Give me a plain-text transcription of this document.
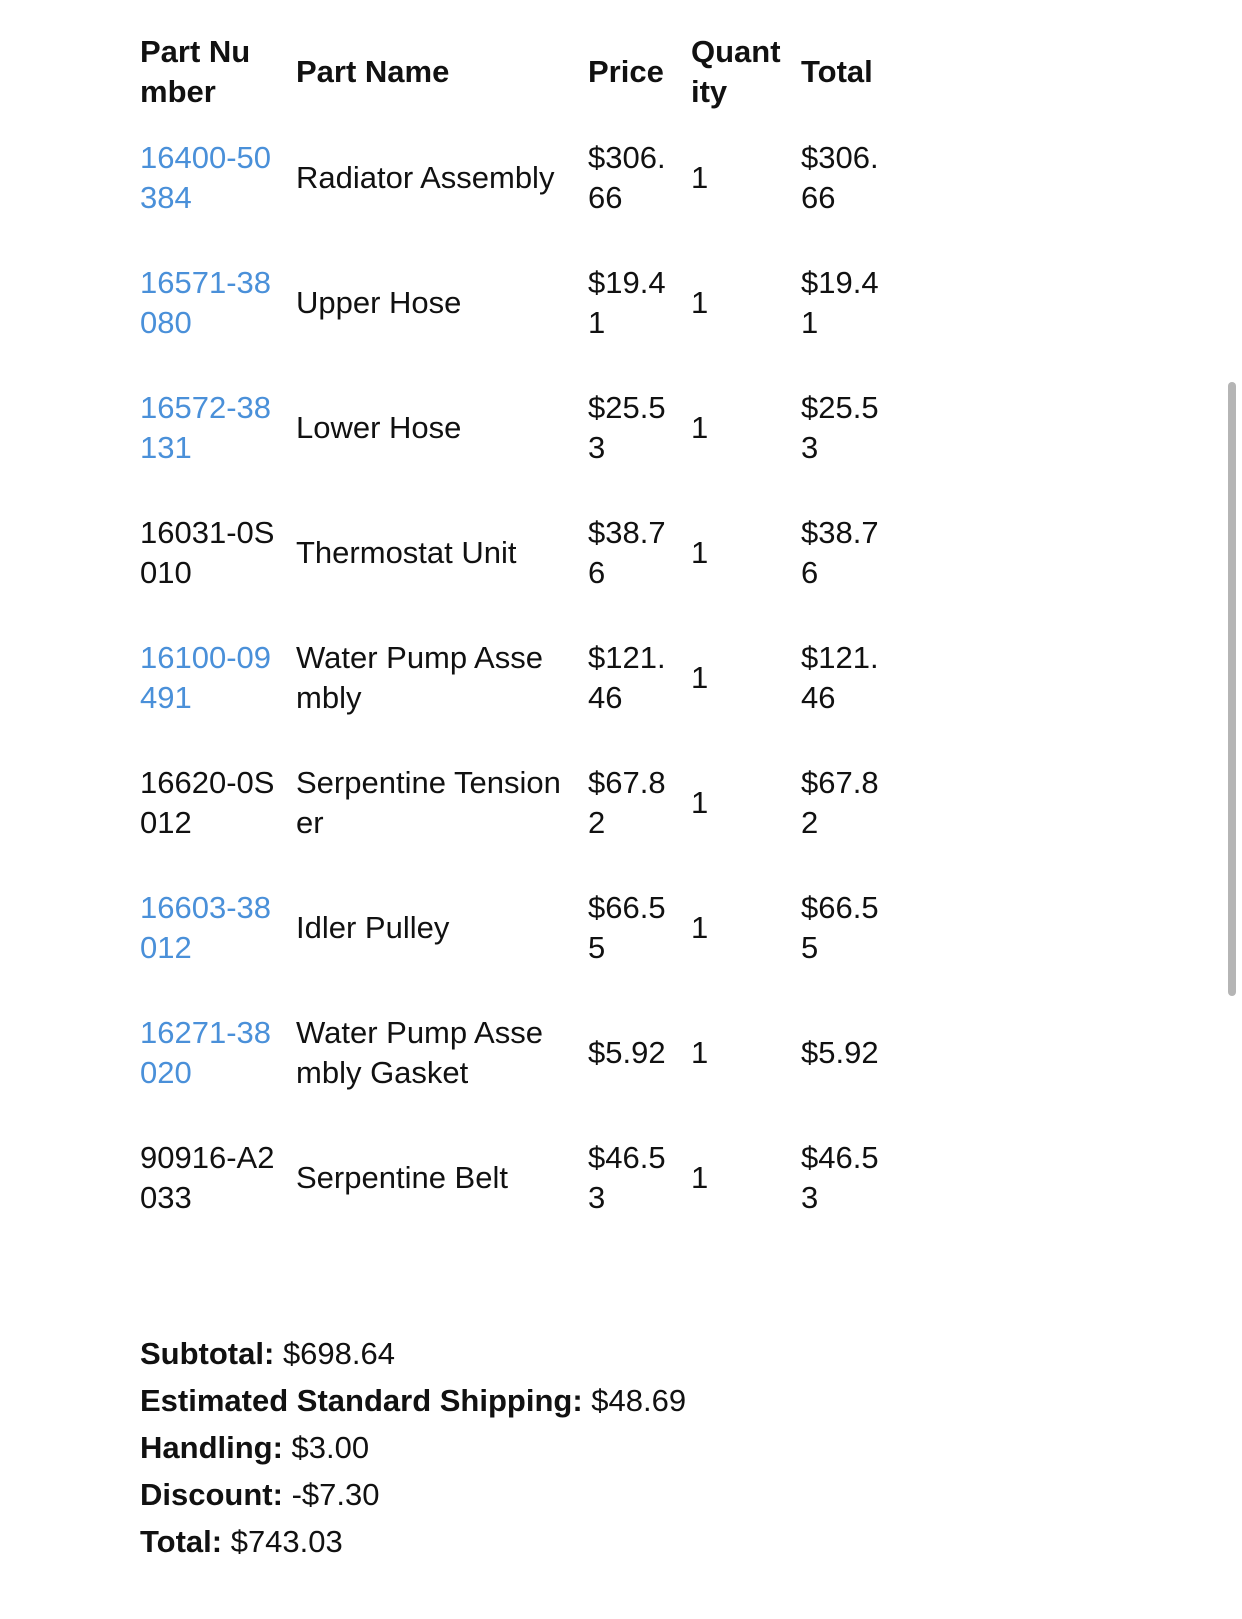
Part Number	Part Name	Price	Quantity	Total
16400-50384	Radiator Assembly	$306.66	1	$306.66
16571-38080	Upper Hose	$19.41	1	$19.41
16572-38131	Lower Hose	$25.53	1	$25.53
16031-0S010	Thermostat Unit	$38.76	1	$38.76
16100-09491	Water Pump Assembly	$121.46	1	$121.46
16620-0S012	Serpentine Tensioner	$67.82	1	$67.82
16603-38012	Idler Pulley	$66.55	1	$66.55
16271-38020	Water Pump Assembly Gasket	$5.92	1	$5.92
90916-A2033	Serpentine Belt	$46.53	1	$46.53
Subtotal: $698.64
Estimated Standard Shipping: $48.69
Handling: $3.00
Discount: -$7.30
Total: $743.03
